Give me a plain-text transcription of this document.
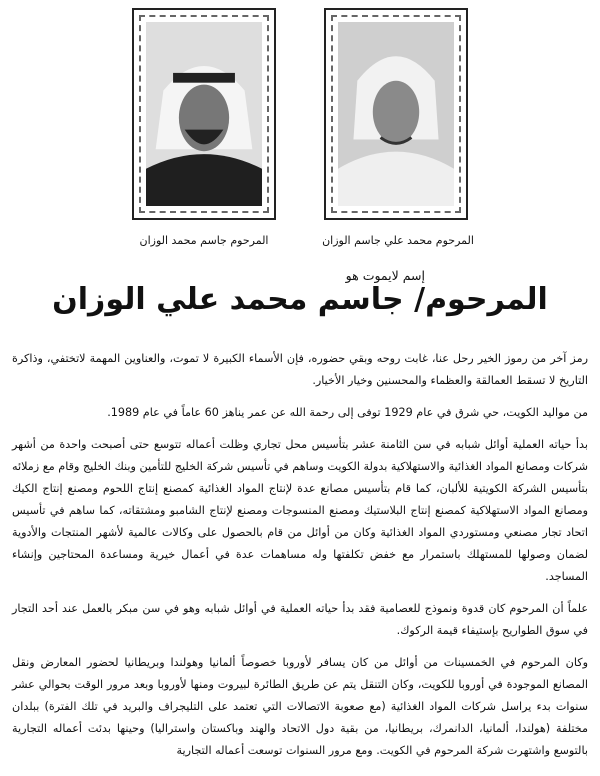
المرحوم محمد علي جاسم الوزان
المرحوم جاسم محمد الوزان
إسم لايموت هو
المرحوم/ جاسم محمد علي الوزان

رمز آخر من رموز الخير رحل عنا، غابت روحه وبقي حضوره، فإن الأسماء الكبيرة لا تموت، والعناوين المهمة لاتختفي، وذاكرة التاريخ لا تسقط العمالقة والعظماء والمحسنين وخيار الأخيار.

من مواليد الكويت، حي شرق في عام 1929 توفى إلى رحمة الله عن عمر يناهز 60 عاماً في عام 1989.

بدأ حياته العملية أوائل شبابه في سن الثامنة عشر بتأسيس محل تجاري وظلت أعماله تتوسع حتى أصبحت واحدة من أشهر شركات ومصانع المواد الغذائية والاستهلاكية بدولة الكويت وساهم في تأسيس شركة الخليج للتأمين وبنك الخليج وقام مع زملائه بتأسيس الشركة الكويتية للألبان، كما قام بتأسيس مصانع عدة لإنتاج المواد الغذائية كمصنع إنتاج اللحوم ومصنع إنتاج الكيك ومصانع المواد الاستهلاكية كمصنع إنتاج البلاستيك ومصنع المنسوجات ومصنع لإنتاج الشامبو ومشتقاته، كما ساهم في تأسيس اتحاد تجار مصنعي ومستوردي المواد الغذائية وكان من أوائل من قام بالحصول على وكالات عالمية لأشهر المنتجات والأدوية لضمان وصولها للمستهلك باستمرار مع خفض تكلفتها وله مساهمات عدة في أعمال خيرية ومساعدة المحتاجين وإنشاء المساجد.

علماً أن المرحوم كان قدوة ونموذج للعصامية فقد بدأ حياته العملية في أوائل شبابه وهو في سن مبكر بالعمل عند أحد التجار في سوق الطواريح بإستيفاء قيمة الركوك.

وكان المرحوم في الخمسينات من أوائل من كان يسافر لأوروبا خصوصاً ألمانيا وهولندا وبريطانيا لحضور المعارض ونقل المصانع الموجودة في أوروبا للكويت، وكان التنقل يتم عن طريق الطائرة لبيروت ومنها لأوروبا وبعد مرور الوقت بحوالي عشر سنوات بدء يراسل شركات المواد الغذائية (مع صعوبة الاتصالات التي تعتمد على التليجراف والبريد في تلك الفترة) ببلدان مختلفة (هولندا، ألمانيا، الدانمرك، بريطانيا، من بقية دول الاتحاد والهند وباكستان واستراليا) وحينها بدئت أعماله التجارية بالتوسع واشتهرت شركة المرحوم في الكويت. ومع مرور السنوات توسعت أعماله التجارية
